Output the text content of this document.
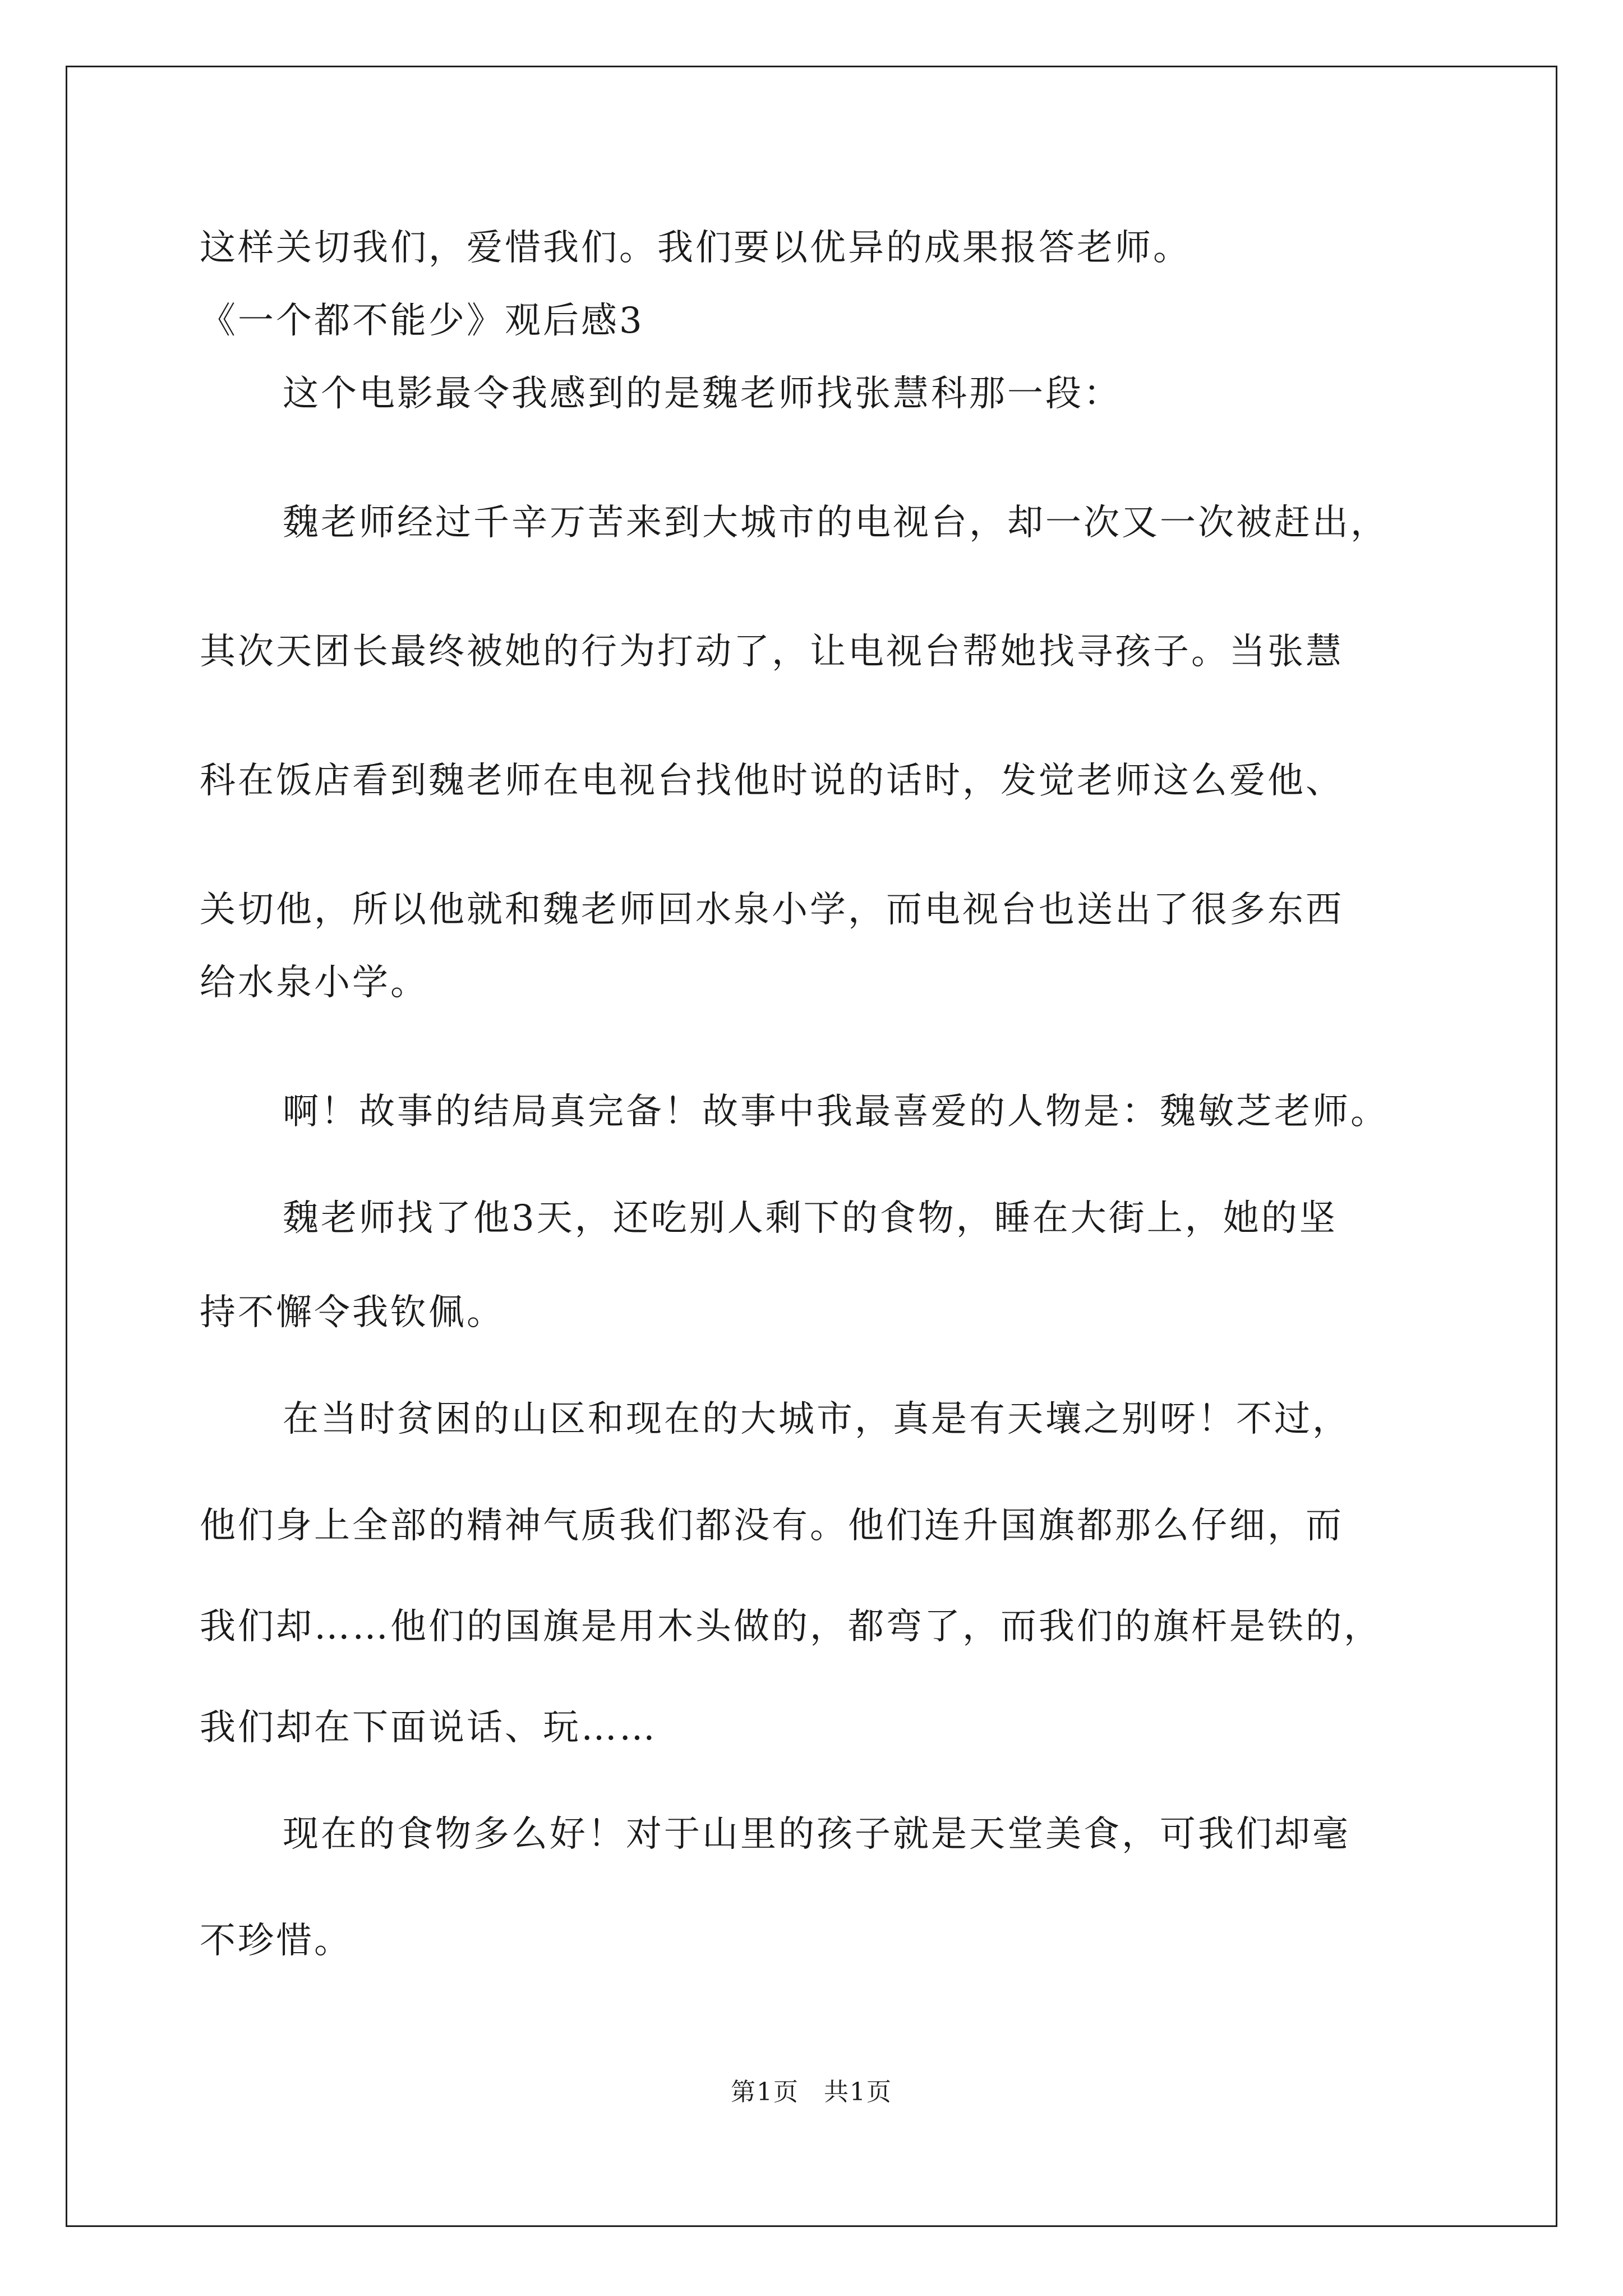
这样关切我们，爱惜我们。我们要以优异的成果报答老师。
《一个都不能少》观后感3
这个电影最令我感到的是魏老师找张慧科那一段：
魏老师经过千辛万苦来到大城市的电视台，却一次又一次被赶出，
其次天团长最终被她的行为打动了，让电视台帮她找寻孩子。当张慧
科在饭店看到魏老师在电视台找他时说的话时，发觉老师这么爱他、
关切他，所以他就和魏老师回水泉小学，而电视台也送出了很多东西
给水泉小学。
啊！故事的结局真完备！故事中我最喜爱的人物是：魏敏芝老师。
魏老师找了他3天，还吃别人剩下的食物，睡在大街上，她的坚
持不懈令我钦佩。
在当时贫困的山区和现在的大城市，真是有天壤之别呀！不过，
他们身上全部的精神气质我们都没有。他们连升国旗都那么仔细，而
我们却……他们的国旗是用木头做的，都弯了，而我们的旗杆是铁的，
我们却在下面说话、玩……
现在的食物多么好！对于山里的孩子就是天堂美食，可我们却毫
不珍惜。
第1页 共1页
